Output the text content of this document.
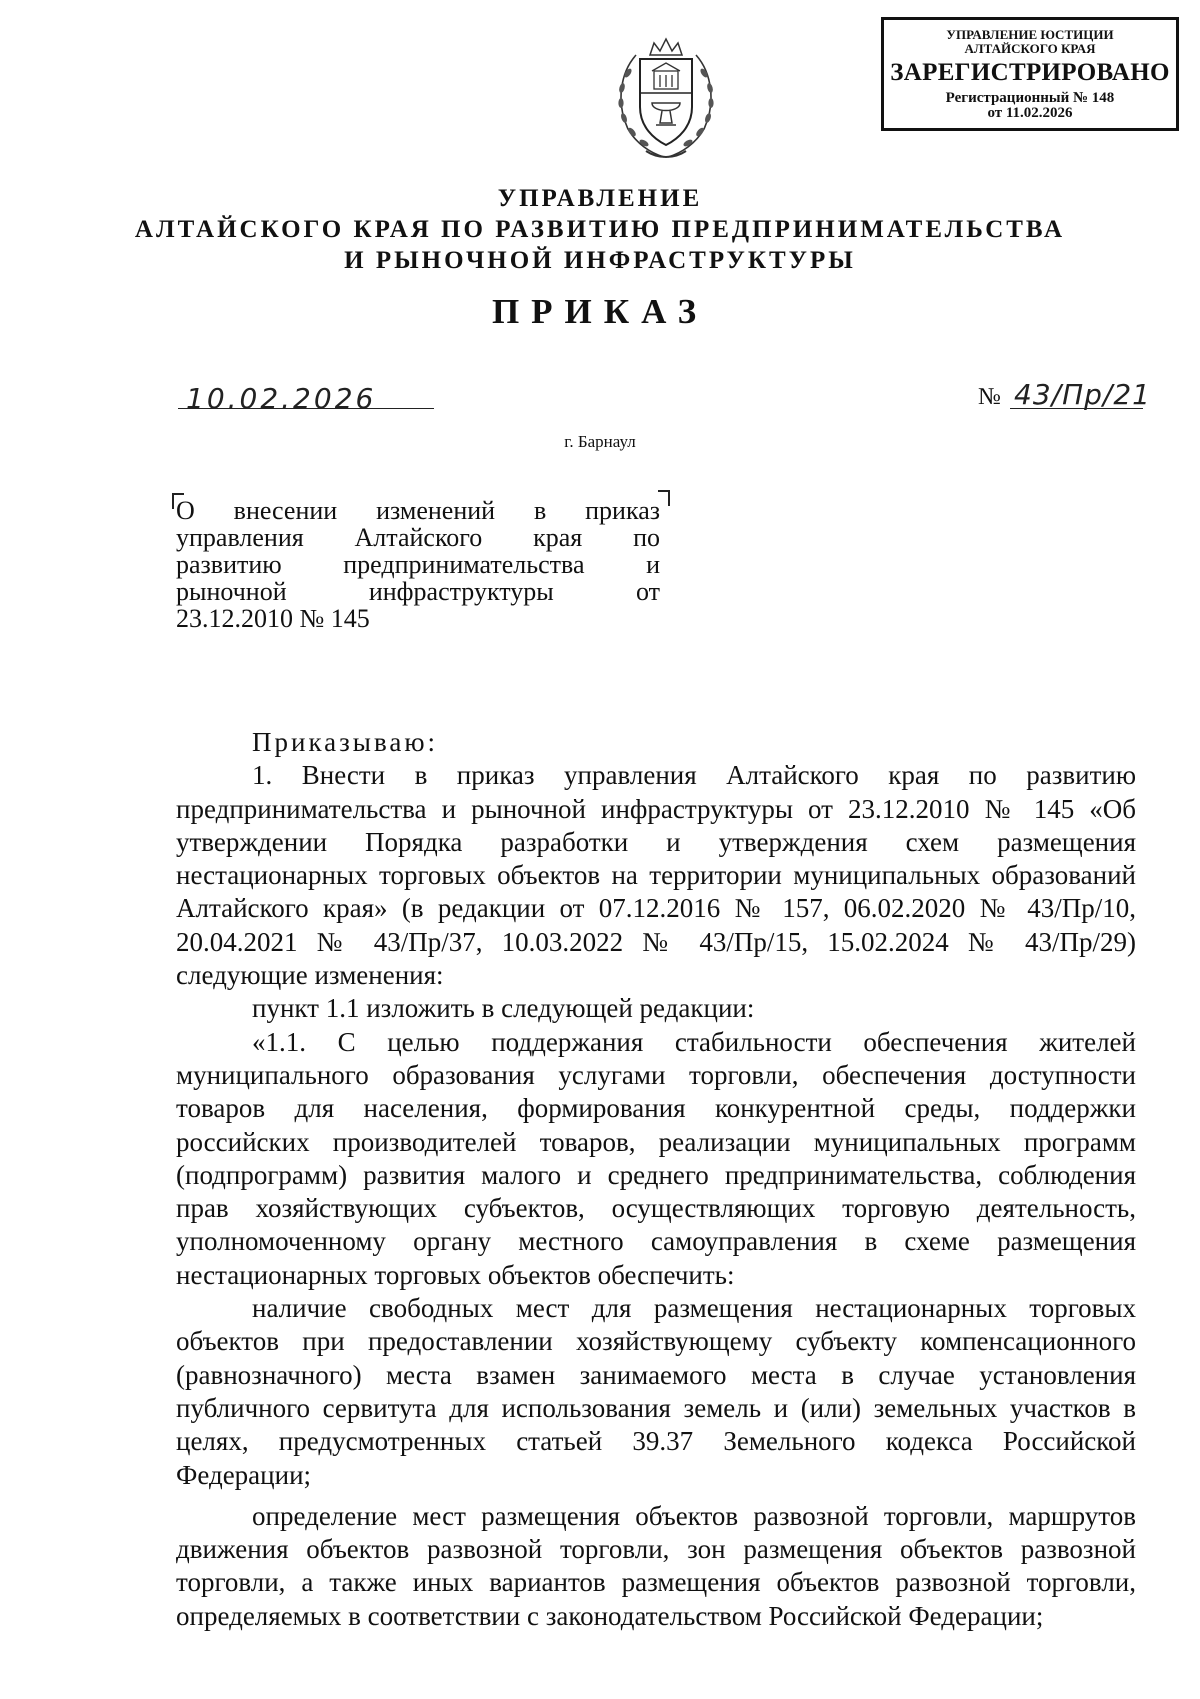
УПРАВЛЕНИЕ ЮСТИЦИИ
АЛТАЙСКОГО КРАЯ
ЗАРЕГИСТРИРОВАНО
Регистрационный № 148
от 11.02.2026
УПРАВЛЕНИЕ
АЛТАЙСКОГО КРАЯ ПО РАЗВИТИЮ ПРЕДПРИНИМАТЕЛЬСТВА
И РЫНОЧНОЙ ИНФРАСТРУКТУРЫ
ПРИКАЗ
10.02.2026	№ 43/Пр/21
г. Барнаул
О внесении изменений в приказ
управления Алтайского края по
развитию предпринимательства и
рыночной инфраструктуры от
23.12.2010 № 145

Приказываю:

1. Внести в приказ управления Алтайского края по развитию предпринимательства и рыночной инфраструктуры от 23.12.2010 № 145 «Об утверждении Порядка разработки и утверждения схем размещения нестационарных торговых объектов на территории муниципальных образований Алтайского края» (в редакции от 07.12.2016 № 157, 06.02.2020 № 43/Пр/10, 20.04.2021 № 43/Пр/37, 10.03.2022 № 43/Пр/15, 15.02.2024 № 43/Пр/29) следующие изменения:

пункт 1.1 изложить в следующей редакции:

«1.1. С целью поддержания стабильности обеспечения жителей муниципального образования услугами торговли, обеспечения доступности товаров для населения, формирования конкурентной среды, поддержки российских производителей товаров, реализации муниципальных программ (подпрограмм) развития малого и среднего предпринимательства, соблюдения прав хозяйствующих субъектов, осуществляющих торговую деятельность, уполномоченному органу местного самоуправления в схеме размещения нестационарных торговых объектов обеспечить:

наличие свободных мест для размещения нестационарных торговых объектов при предоставлении хозяйствующему субъекту компенсационного (равнозначного) места взамен занимаемого места в случае установления публичного сервитута для использования земель и (или) земельных участков в целях, предусмотренных статьей 39.37 Земельного кодекса Российской Федерации;

определение мест размещения объектов развозной торговли, маршрутов движения объектов развозной торговли, зон размещения объектов развозной торговли, а также иных вариантов размещения объектов развозной торговли, определяемых в соответствии с законодательством Российской Федерации;
